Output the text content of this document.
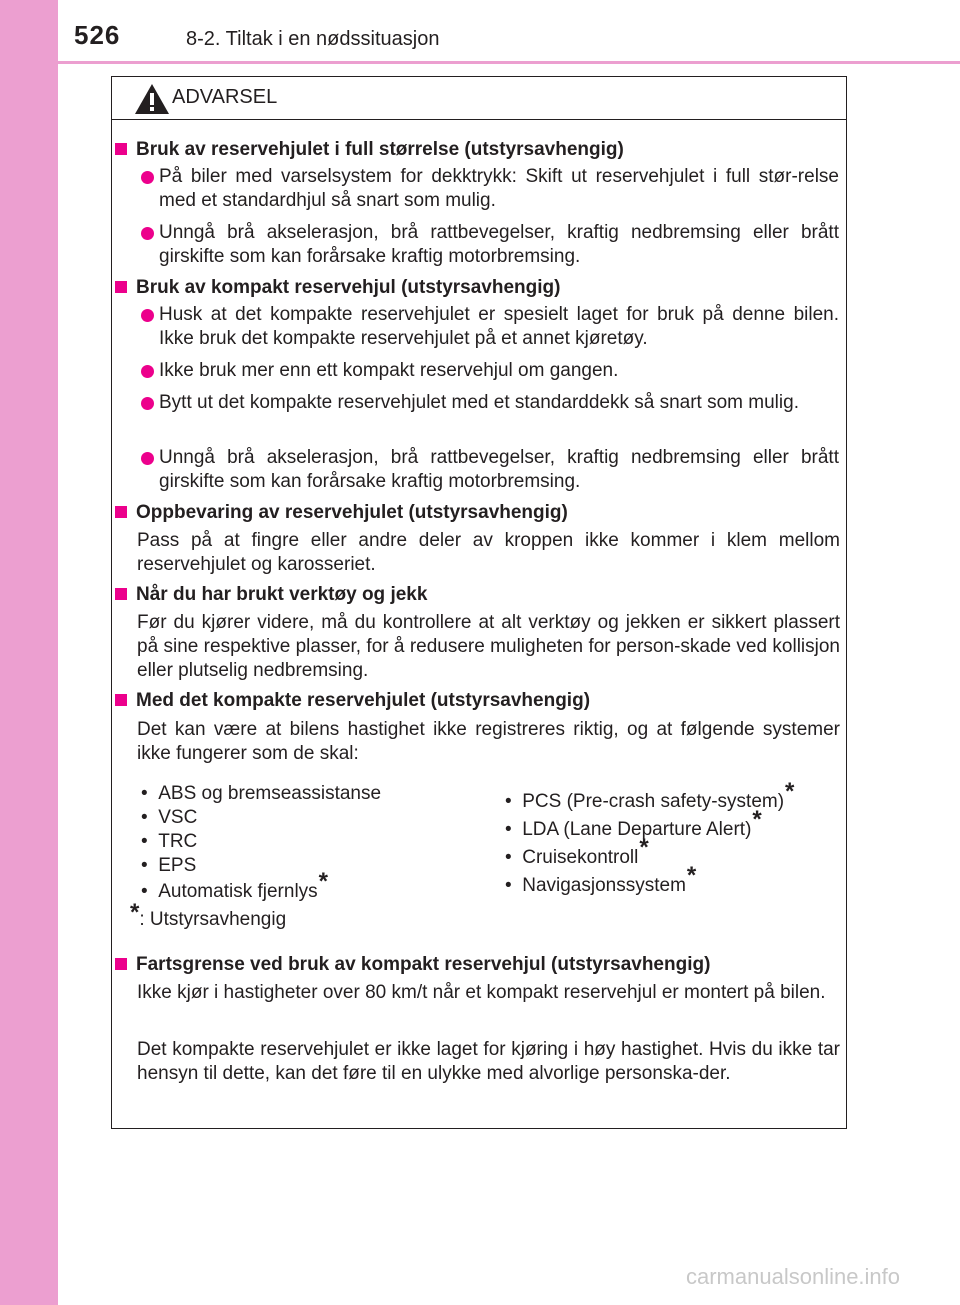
526	8-2. Tiltak i en nødssituasjon
ADVARSEL
Bruk av reservehjulet i full størrelse (utstyrsavhengig)
På biler med varselsystem for dekktrykk: Skift ut reservehjulet i full stør-relse med et standardhjul så snart som mulig.
Unngå brå akselerasjon, brå rattbevegelser, kraftig nedbremsing eller brått girskifte som kan forårsake kraftig motorbremsing.
Bruk av kompakt reservehjul (utstyrsavhengig)
Husk at det kompakte reservehjulet er spesielt laget for bruk på denne bilen. Ikke bruk det kompakte reservehjulet på et annet kjøretøy.
Ikke bruk mer enn ett kompakt reservehjul om gangen.
Bytt ut det kompakte reservehjulet med et standarddekk så snart som mulig.
Unngå brå akselerasjon, brå rattbevegelser, kraftig nedbremsing eller brått girskifte som kan forårsake kraftig motorbremsing.
Oppbevaring av reservehjulet (utstyrsavhengig)
Pass på at fingre eller andre deler av kroppen ikke kommer i klem mellom reservehjulet og karosseriet.
Når du har brukt verktøy og jekk
Før du kjører videre, må du kontrollere at alt verktøy og jekken er sikkert plassert på sine respektive plasser, for å redusere muligheten for person-skade ved kollisjon eller plutselig nedbremsing.
Med det kompakte reservehjulet (utstyrsavhengig)
Det kan være at bilens hastighet ikke registreres riktig, og at følgende systemer ikke fungerer som de skal:
• ABS og bremseassistanse
• VSC
• TRC
• EPS
• Automatisk fjernlys*
*: Utstyrsavhengig
• PCS (Pre-crash safety-system)*
• LDA (Lane Departure Alert)*
• Cruisekontroll*
• Navigasjonssystem*
Fartsgrense ved bruk av kompakt reservehjul (utstyrsavhengig)
Ikke kjør i hastigheter over 80 km/t når et kompakt reservehjul er montert på bilen.
Det kompakte reservehjulet er ikke laget for kjøring i høy hastighet. Hvis du ikke tar hensyn til dette, kan det føre til en ulykke med alvorlige personska-der.
carmanualsonline.info
